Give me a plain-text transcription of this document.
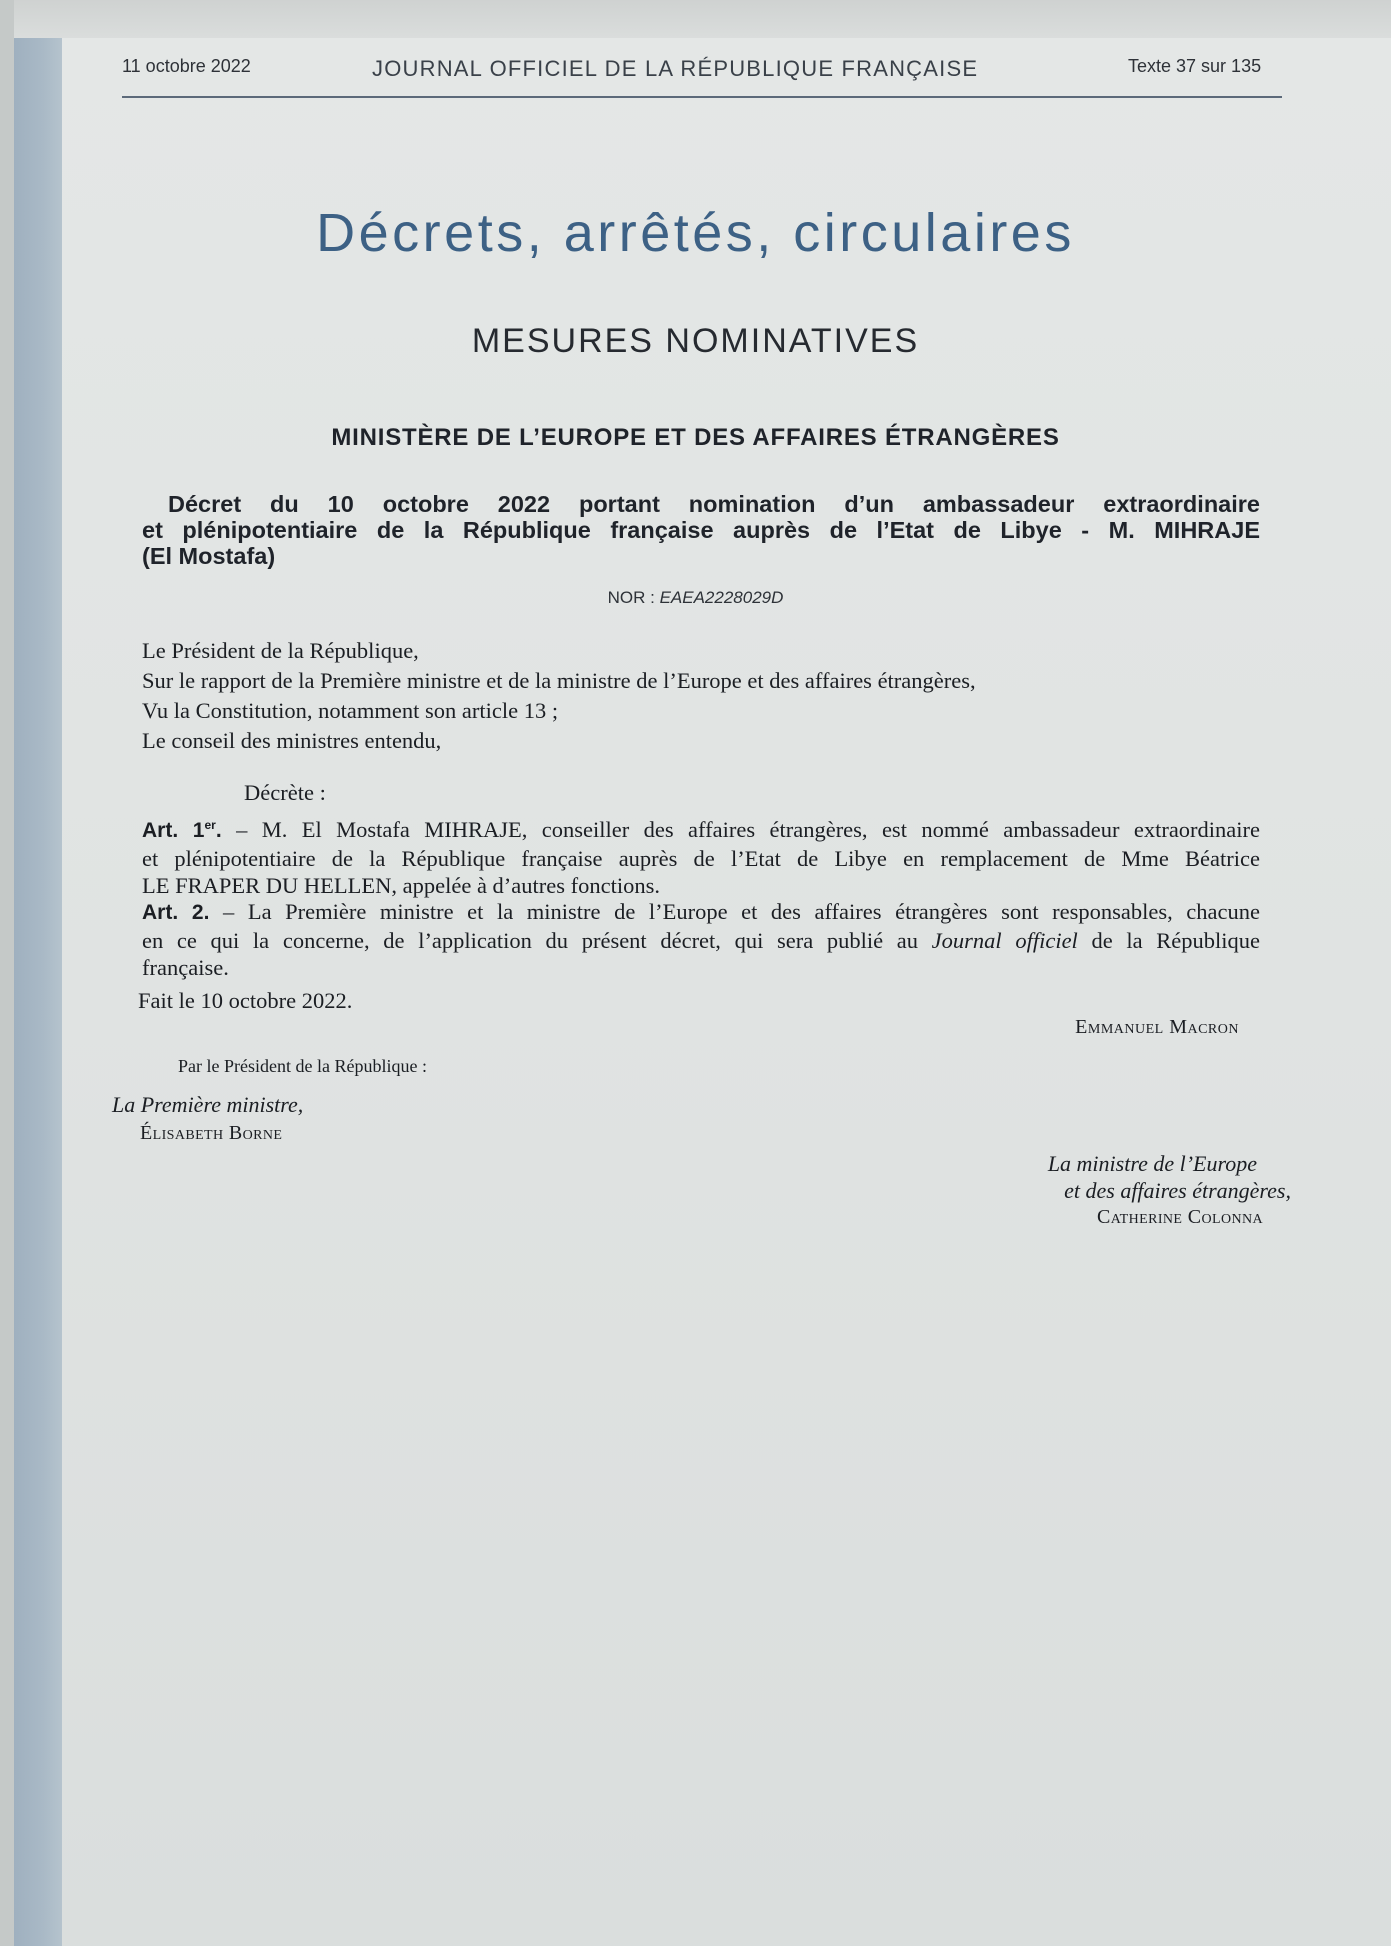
11 octobre 2022	JOURNAL OFFICIEL DE LA RÉPUBLIQUE FRANÇAISE	Texte 37 sur 135
Décrets, arrêtés, circulaires
MESURES NOMINATIVES
MINISTÈRE DE L’EUROPE ET DES AFFAIRES ÉTRANGÈRES
Décret du 10 octobre 2022 portant nomination d’un ambassadeur extraordinaire
et plénipotentiaire de la République française auprès de l’Etat de Libye - M. MIHRAJE
(El Mostafa)
NOR : EAEA2228029D
Le Président de la République,
Sur le rapport de la Première ministre et de la ministre de l’Europe et des affaires étrangères,
Vu la Constitution, notamment son article 13 ;
Le conseil des ministres entendu,
Décrète :
Art. 1er. – M. El Mostafa MIHRAJE, conseiller des affaires étrangères, est nommé ambassadeur extraordinaire
et plénipotentiaire de la République française auprès de l’Etat de Libye en remplacement de Mme Béatrice
LE FRAPER DU HELLEN, appelée à d’autres fonctions.
Art. 2. – La Première ministre et la ministre de l’Europe et des affaires étrangères sont responsables, chacune
en ce qui la concerne, de l’application du présent décret, qui sera publié au Journal officiel de la République
française.
Fait le 10 octobre 2022.
Emmanuel Macron
Par le Président de la République :
La Première ministre,
Élisabeth Borne
La ministre de l’Europe
et des affaires étrangères,
Catherine Colonna
